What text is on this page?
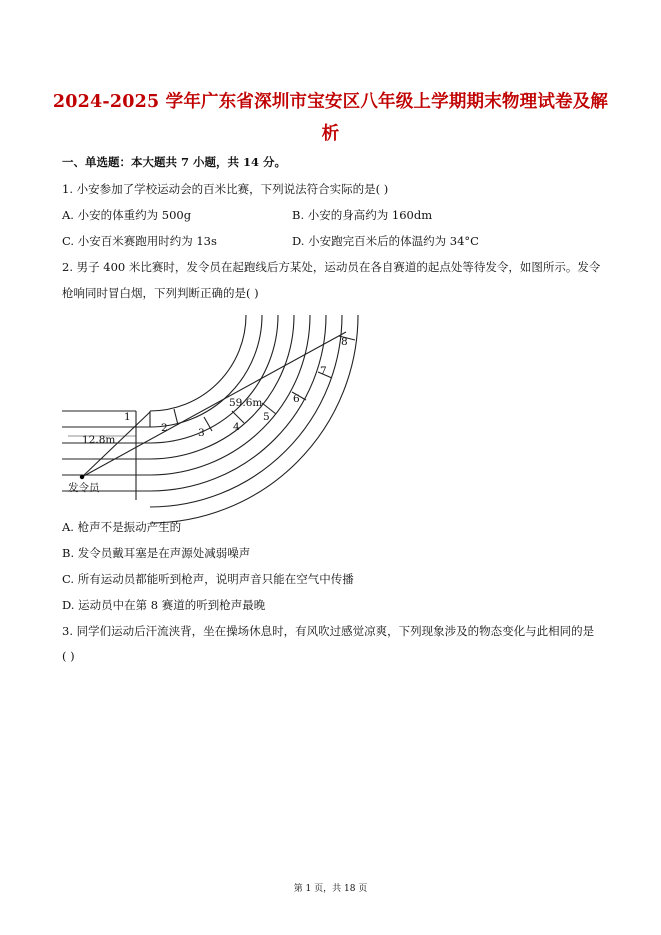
2024-2025 学年广东省深圳市宝安区八年级上学期期末物理试卷及解
析
一、单选题：本大题共 7 小题，共 14 分。
1. 小安参加了学校运动会的百米比赛，下列说法符合实际的是( )
A. 小安的体重约为 500g	B. 小安的身高约为 160dm
C. 小安百米赛跑用时约为 13s	D. 小安跑完百米后的体温约为 34°C
2. 男子 400 米比赛时，发令员在起跑线后方某处，运动员在各自赛道的起点处等待发令，如图所示。发令
枪响同时冒白烟，下列判断正确的是( )
1
2	3	4
5
6
7
8
59.6m
12.8m
发令员
A. 枪声不是振动产生的
B. 发令员戴耳塞是在声源处减弱噪声
C. 所有运动员都能听到枪声，说明声音只能在空气中传播
D. 运动员中在第 8 赛道的听到枪声最晚
3. 同学们运动后汗流浃背，坐在操场休息时，有风吹过感觉凉爽，下列现象涉及的物态变化与此相同的是
( )
第 1 页，共 18 页
